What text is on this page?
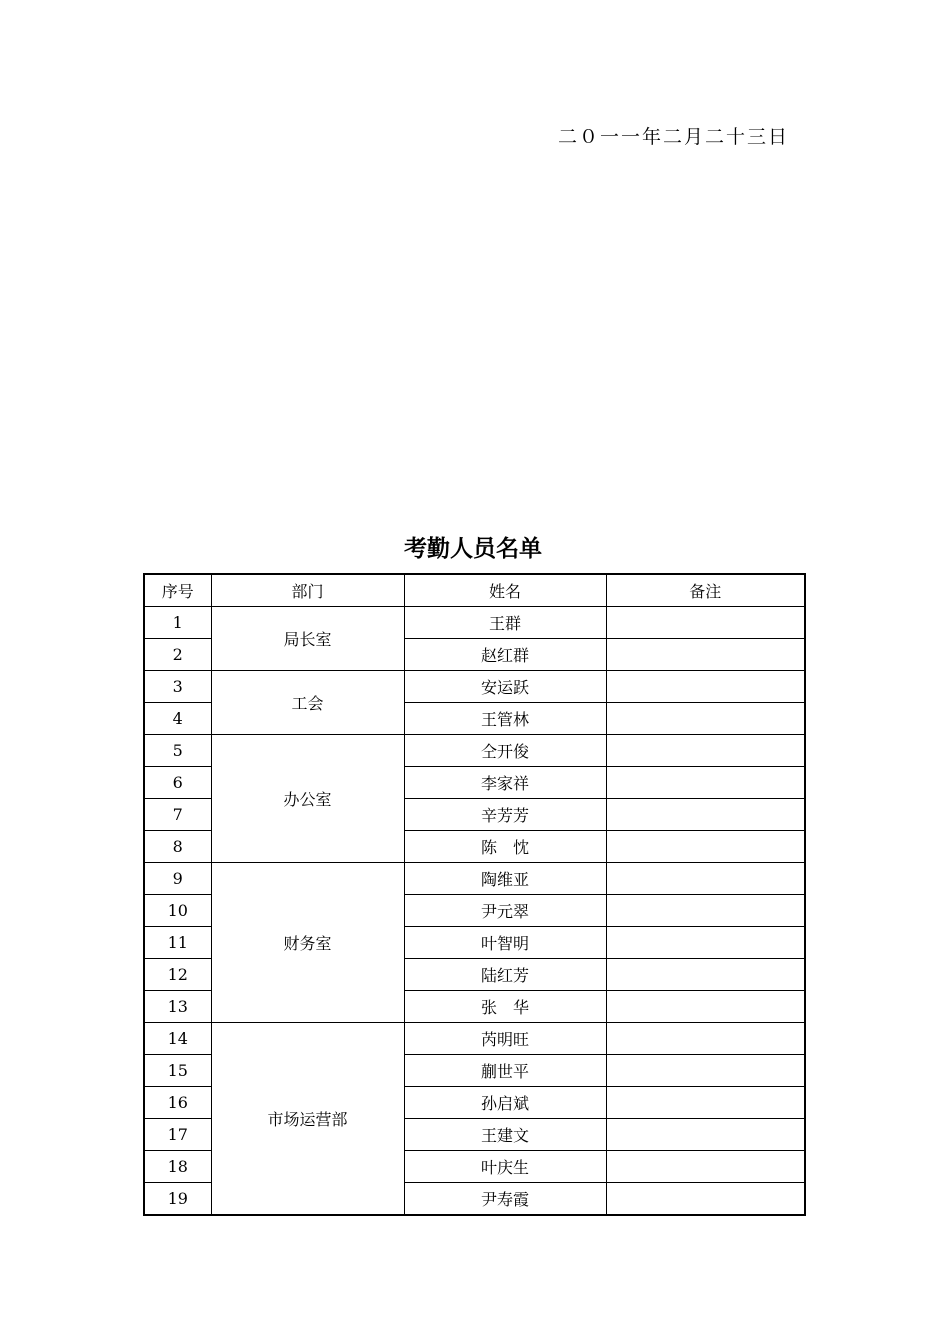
二０一一年二月二十三日
考勤人员名单
序号	部门	姓名	备注
1	局长室	王群	
2		赵红群	
3	工会	安运跃	
4		王管林	
5	办公室	仝开俊	
6		李家祥	
7		辛芳芳	
8		陈　忱	
9	财务室	陶维亚	
10		尹元翠	
11		叶智明	
12		陆红芳	
13		张　华	
14	市场运营部	芮明旺	
15		蒯世平	
16		孙启斌	
17		王建文	
18		叶庆生	
19		尹寿霞	
